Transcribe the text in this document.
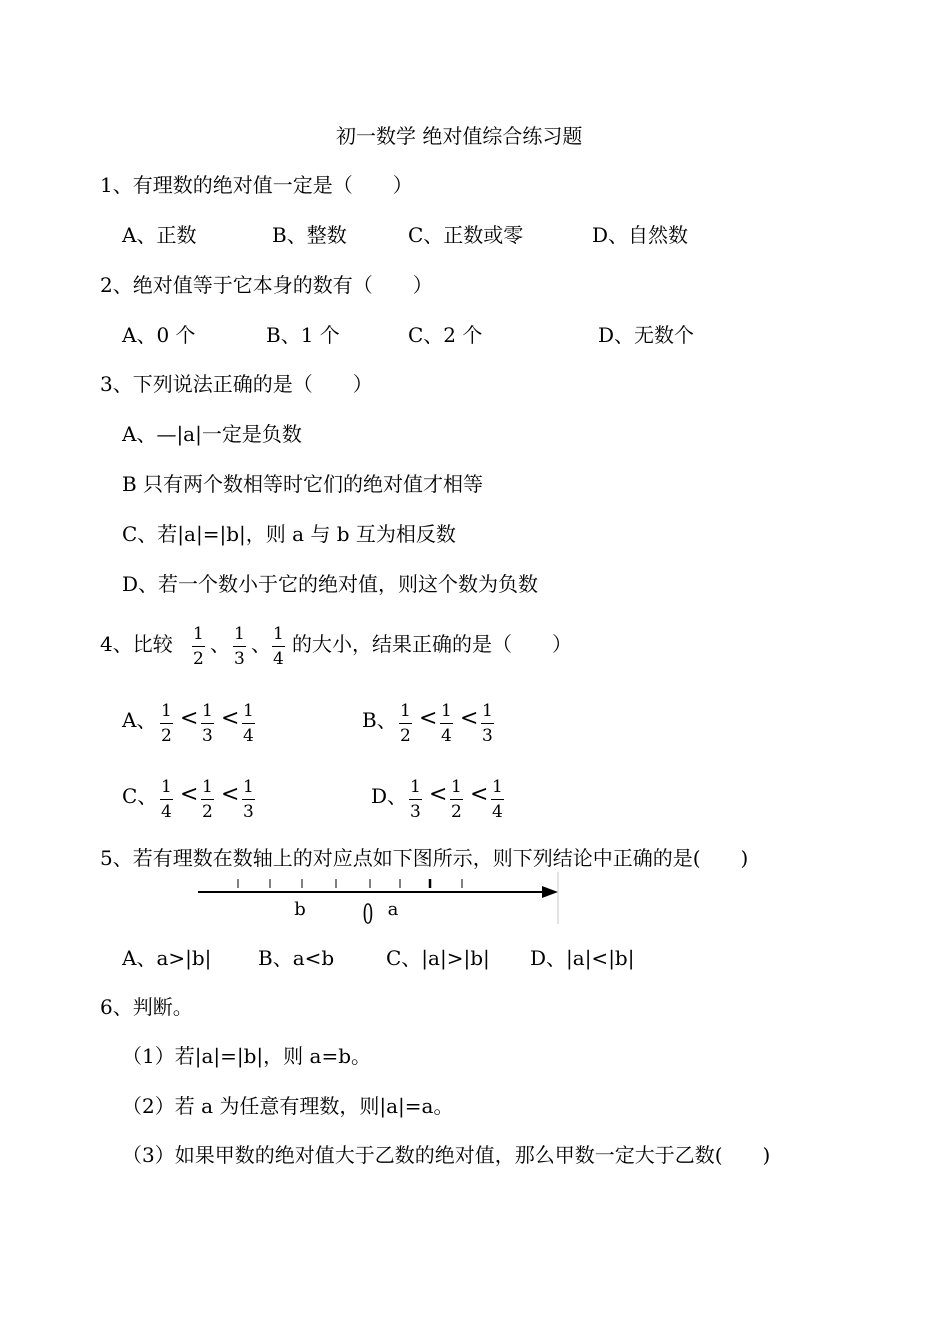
初一数学 绝对值综合练习题
1、有理数的绝对值一定是（　　）
A、正数	B、整数	C、正数或零	D、自然数
2、绝对值等于它本身的数有（　　）
A、0 个	B、1 个	C、2 个	D、无数个
3、下列说法正确的是（　　）
A、—|a|一定是负数
B 只有两个数相等时它们的绝对值才相等
C、若|a|=|b|，则 a 与 b 互为相反数
D、若一个数小于它的绝对值，则这个数为负数
4、比较 1
2
、 1
3
、 1
4
的大小，结果正确的是（　　）
A、 1
2
< 1
3
< 1
4
B、 1
2
< 1
4
< 1
3
C、 1
4
< 1
2
< 1
3
D、 1
3
< 1
2
< 1
4
5、若有理数在数轴上的对应点如下图所示，则下列结论中正确的是(　　)
b	0 a
A、a>|b| B、a<b	C、|a|>|b| D、|a|<|b|
6、判断。
（1）若|a|=|b|，则 a=b。
（2）若 a 为任意有理数，则|a|=a。
（3）如果甲数的绝对值大于乙数的绝对值，那么甲数一定大于乙数(　　)
